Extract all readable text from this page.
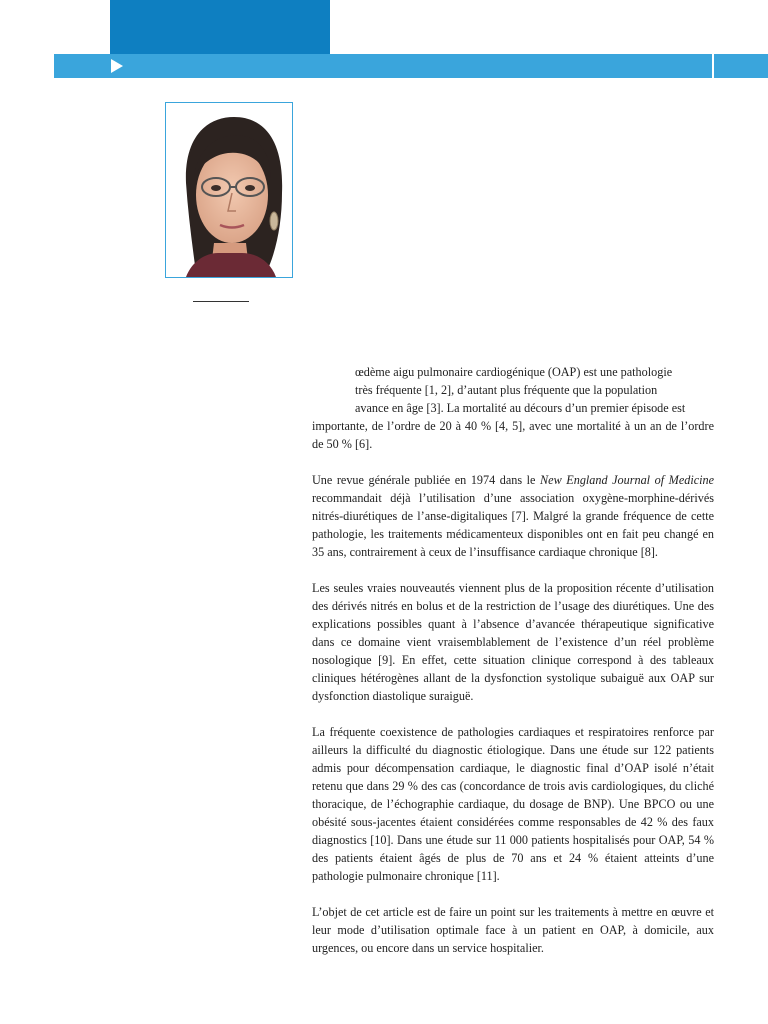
œdème aigu pulmonaire cardiogénique (OAP) est une pathologie
très fréquente [1, 2], d’autant plus fréquente que la population
avance en âge [3]. La mortalité au décours d’un premier épisode est
importante, de l’ordre de 20 à 40 % [4, 5], avec une mortalité à un an de l’ordre de 50 % [6].

Une revue générale publiée en 1974 dans le New England Journal of Medicine recommandait déjà l’utilisation d’une association oxygène-morphine-dérivés nitrés-diurétiques de l’anse-digitaliques [7]. Malgré la grande fréquence de cette pathologie, les traitements médicamenteux disponibles ont en fait peu changé en 35 ans, contrairement à ceux de l’insuffisance cardiaque chronique [8].

Les seules vraies nouveautés viennent plus de la proposition récente d’utilisation des dérivés nitrés en bolus et de la restriction de l’usage des diurétiques. Une des explications possibles quant à l’absence d’avancée thérapeutique significative dans ce domaine vient vraisemblablement de l’existence d’un réel problème nosologique [9]. En effet, cette situation clinique correspond à des tableaux cliniques hétérogènes allant de la dysfonction systolique subaiguë aux OAP sur dysfonction diastolique suraiguë.

La fréquente coexistence de pathologies cardiaques et respiratoires renforce par ailleurs la difficulté du diagnostic étiologique. Dans une étude sur 122 patients admis pour décompensation cardiaque, le diagnostic final d’OAP isolé n’était retenu que dans 29 % des cas (concordance de trois avis cardiologiques, du cliché thoracique, de l’échographie cardiaque, du dosage de BNP). Une BPCO ou une obésité sous-jacentes étaient considérées comme responsables de 42 % des faux diagnostics [10]. Dans une étude sur 11 000 patients hospitalisés pour OAP, 54 % des patients étaient âgés de plus de 70 ans et 24 % étaient atteints d’une pathologie pulmonaire chronique [11].

L’objet de cet article est de faire un point sur les traitements à mettre en œuvre et leur mode d’utilisation optimale face à un patient en OAP, à domicile, aux urgences, ou encore dans un service hospitalier.
